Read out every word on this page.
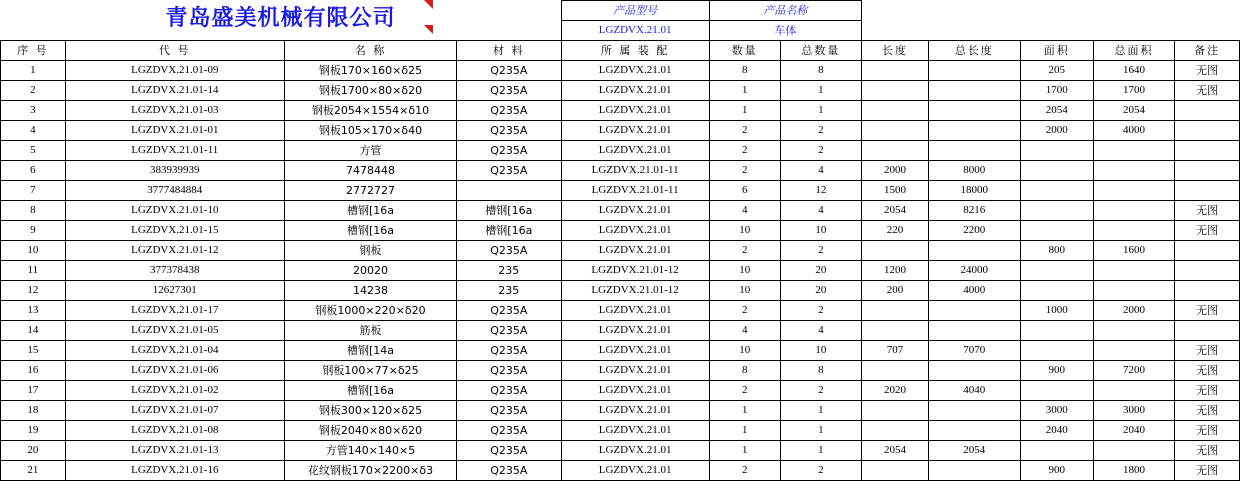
青岛盛美机械有限公司				产品型号	产品名称						
				LGZDVX.21.01	车体						
序 号	代 号	名 称	材 料	所 属 装 配	数量	总数量	长度	总长度	面积	总面积	备注
1	LGZDVX.21.01-09	钢板170×160×δ25	Q235A	LGZDVX.21.01	8	8			205	1640	无图
2	LGZDVX.21.01-14	钢板1700×80×δ20	Q235A	LGZDVX.21.01	1	1			1700	1700	无图
3	LGZDVX.21.01-03	钢板2054×1554×δ10	Q235A	LGZDVX.21.01	1	1			2054	2054	
4	LGZDVX.21.01-01	钢板105×170×δ40	Q235A	LGZDVX.21.01	2	2			2000	4000	
5	LGZDVX.21.01-11	方管	Q235A	LGZDVX.21.01	2	2					
6	383939939	7478448	Q235A	LGZDVX.21.01-11	2	4	2000	8000			
7	3777484884	2772727		LGZDVX.21.01-11	6	12	1500	18000			
8	LGZDVX.21.01-10	槽钢[16a	槽钢[16a	LGZDVX.21.01	4	4	2054	8216			无图
9	LGZDVX.21.01-15	槽钢[16a	槽钢[16a	LGZDVX.21.01	10	10	220	2200			无图
10	LGZDVX.21.01-12	钢板	Q235A	LGZDVX.21.01	2	2			800	1600	
11	377378438	20020	235	LGZDVX.21.01-12	10	20	1200	24000			
12	12627301	14238	235	LGZDVX.21.01-12	10	20	200	4000			
13	LGZDVX.21.01-17	钢板1000×220×δ20	Q235A	LGZDVX.21.01	2	2			1000	2000	无图
14	LGZDVX.21.01-05	筋板	Q235A	LGZDVX.21.01	4	4					
15	LGZDVX.21.01-04	槽钢[14a	Q235A	LGZDVX.21.01	10	10	707	7070			无图
16	LGZDVX.21.01-06	钢板100×77×δ25	Q235A	LGZDVX.21.01	8	8			900	7200	无图
17	LGZDVX.21.01-02	槽钢[16a	Q235A	LGZDVX.21.01	2	2	2020	4040			无图
18	LGZDVX.21.01-07	钢板300×120×δ25	Q235A	LGZDVX.21.01	1	1			3000	3000	无图
19	LGZDVX.21.01-08	钢板2040×80×δ20	Q235A	LGZDVX.21.01	1	1			2040	2040	无图
20	LGZDVX.21.01-13	方管140×140×5	Q235A	LGZDVX.21.01	1	1	2054	2054			无图
21	LGZDVX.21.01-16	花纹钢板170×2200×δ3	Q235A	LGZDVX.21.01	2	2			900	1800	无图
